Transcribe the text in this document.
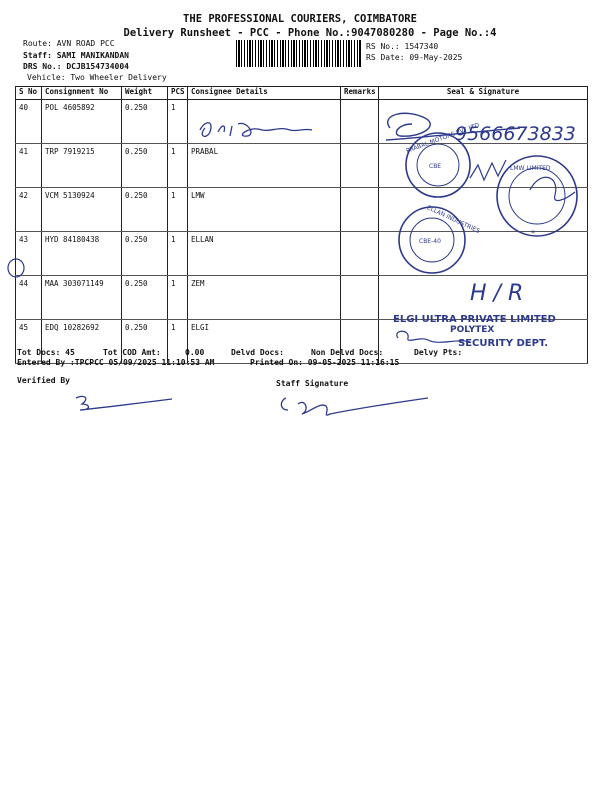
THE PROFESSIONAL COURIERS, COIMBATORE
Delivery Runsheet - PCC - Phone No.:9047080280 - Page No.:4
Route: AVN ROAD PCC
Staff: SAMI MANIKANDAN
DRS No.: DCJB154734004
Vehicle: Two Wheeler Delivery
RS No.: 1547340
RS Date: 09-May-2025
S No	Consignment No	Weight	PCS	Consignee Details	Remarks	Seal & Signature
40	POL 4605892	0.250	1			
41	TRP 7919215	0.250	1	PRABAL		
42	VCM 5130924	0.250	1	LMW		
43	HYD 84180438	0.250	1	ELLAN		
44	MAA 303071149	0.250	1	ZEM		
45	EDQ 10282692	0.250	1	ELGI		
9566673833
PRABAL MOTORS PVT LTD
CBE	LMW LIMITED
ELLAN INDUSTRIES
CBE-40
*
H / R
ELGI ULTRA PRIVATE LIMITED
POLYTEX
SECURITY DEPT.
Tot Docs: 45	Tot COD Amt:	0.00	Delvd Docs:	Non Delvd Docs:	Delvy Pts:
Entered By :TPCPCC 05/09/2025 11:10:53 AM	Printed On: 09-05-2025 11:16:15
Verified By	Staff Signature
